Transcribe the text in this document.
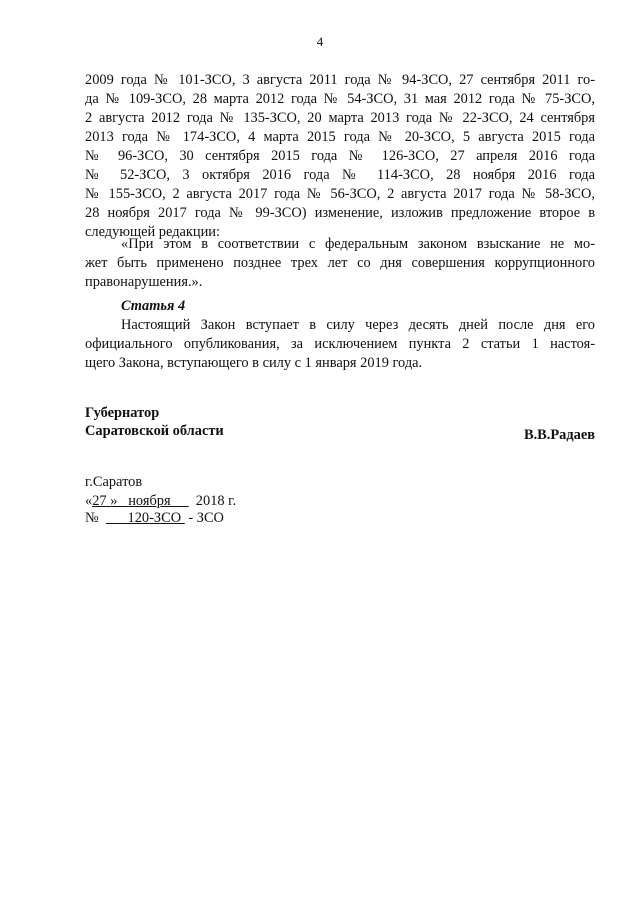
4
2009 года № 101-ЗСО, 3 августа 2011 года № 94-ЗСО, 27 сентября 2011 го-
да № 109-ЗСО, 28 марта 2012 года № 54-ЗСО, 31 мая 2012 года № 75-ЗСО,
2 августа 2012 года № 135-ЗСО, 20 марта 2013 года № 22-ЗСО, 24 сентября
2013 года № 174-ЗСО, 4 марта 2015 года № 20-ЗСО, 5 августа 2015 года
№ 96-ЗСО, 30 сентября 2015 года № 126-ЗСО, 27 апреля 2016 года
№ 52-ЗСО, 3 октября 2016 года № 114-ЗСО, 28 ноября 2016 года
№ 155-ЗСО, 2 августа 2017 года № 56-ЗСО, 2 августа 2017 года № 58-ЗСО,
28 ноября 2017 года № 99-ЗСО) изменение, изложив предложение второе в
следующей редакции:
«При этом в соответствии с федеральным законом взыскание не мо-
жет быть применено позднее трех лет со дня совершения коррупционного
правонарушения.».
Статья 4
Настоящий Закон вступает в силу через десять дней после дня его
официального опубликования, за исключением пункта 2 статьи 1 настоя-
щего Закона, вступающего в силу с 1 января 2019 года.
Губернатор
Саратовской области	В.В.Радаев
г.Саратов
«27 » ноября 2018 г.
№ 120-ЗСО - ЗСО
